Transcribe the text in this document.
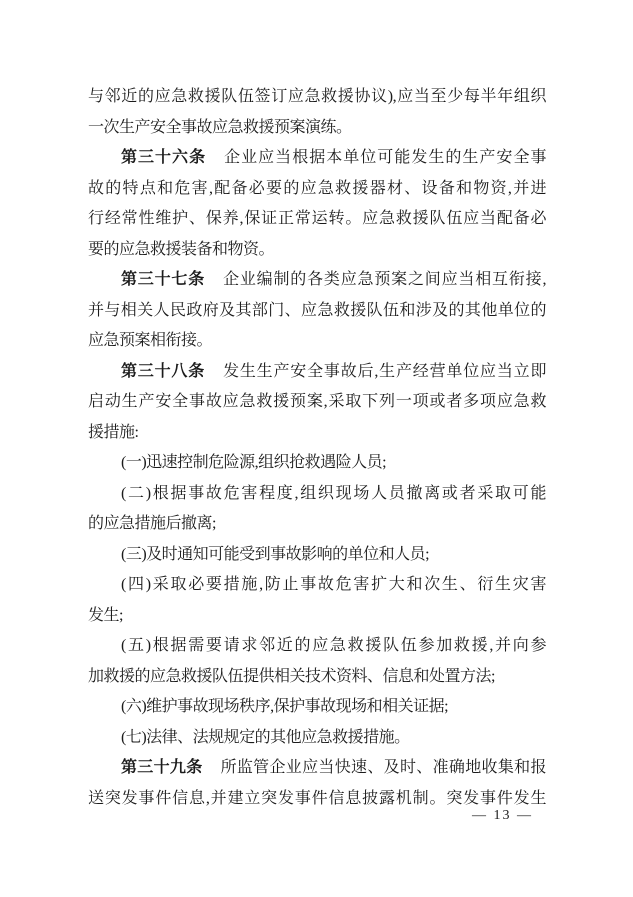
与邻近的应急救援队伍签订应急救援协议),应当至少每半年组织
一次生产安全事故应急救援预案演练。
第三十六条 企业应当根据本单位可能发生的生产安全事
故的特点和危害,配备必要的应急救援器材、设备和物资,并进
行经常性维护、保养,保证正常运转。应急救援队伍应当配备必
要的应急救援装备和物资。
第三十七条 企业编制的各类应急预案之间应当相互衔接,
并与相关人民政府及其部门、应急救援队伍和涉及的其他单位的
应急预案相衔接。
第三十八条 发生生产安全事故后,生产经营单位应当立即
启动生产安全事故应急救援预案,采取下列一项或者多项应急救
援措施:
(一)迅速控制危险源,组织抢救遇险人员;
(二)根据事故危害程度,组织现场人员撤离或者采取可能
的应急措施后撤离;
(三)及时通知可能受到事故影响的单位和人员;
(四)采取必要措施,防止事故危害扩大和次生、衍生灾害
发生;
(五)根据需要请求邻近的应急救援队伍参加救援,并向参
加救援的应急救援队伍提供相关技术资料、信息和处置方法;
(六)维护事故现场秩序,保护事故现场和相关证据;
(七)法律、法规规定的其他应急救援措施。
第三十九条 所监管企业应当快速、及时、准确地收集和报
送突发事件信息,并建立突发事件信息披露机制。突发事件发生
— 13 —
